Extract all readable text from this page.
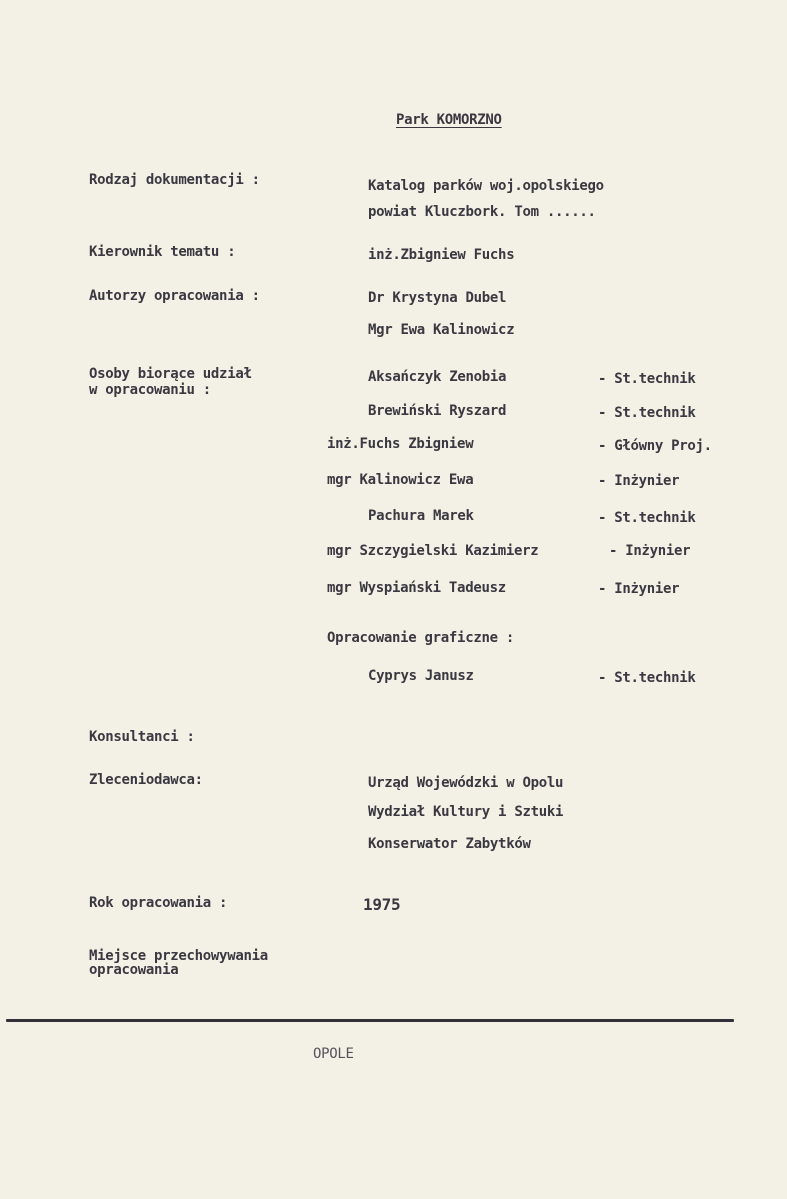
Park KOMORZNO
Rodzaj dokumentacji :	Katalog parków woj.opolskiego
powiat Kluczbork. Tom ......
Kierownik tematu :	inż.Zbigniew Fuchs
Autorzy opracowania :	Dr Krystyna Dubel
Mgr Ewa Kalinowicz
Osoby biorące udział
w opracowaniu :
Aksańczyk Zenobia	- St.technik
Brewiński Ryszard	- St.technik
inż.Fuchs Zbigniew	- Główny Proj.
mgr Kalinowicz Ewa	- Inżynier
Pachura Marek	- St.technik
mgr Szczygielski Kazimierz	- Inżynier
mgr Wyspiański Tadeusz	- Inżynier
Opracowanie graficzne :
Cyprys Janusz	- St.technik
Konsultanci :
Zleceniodawca:	Urząd Wojewódzki w Opolu
Wydział Kultury i Sztuki
Konserwator Zabytków
Rok opracowania :	1975
Miejsce przechowywania
opracowania
OPOLE
